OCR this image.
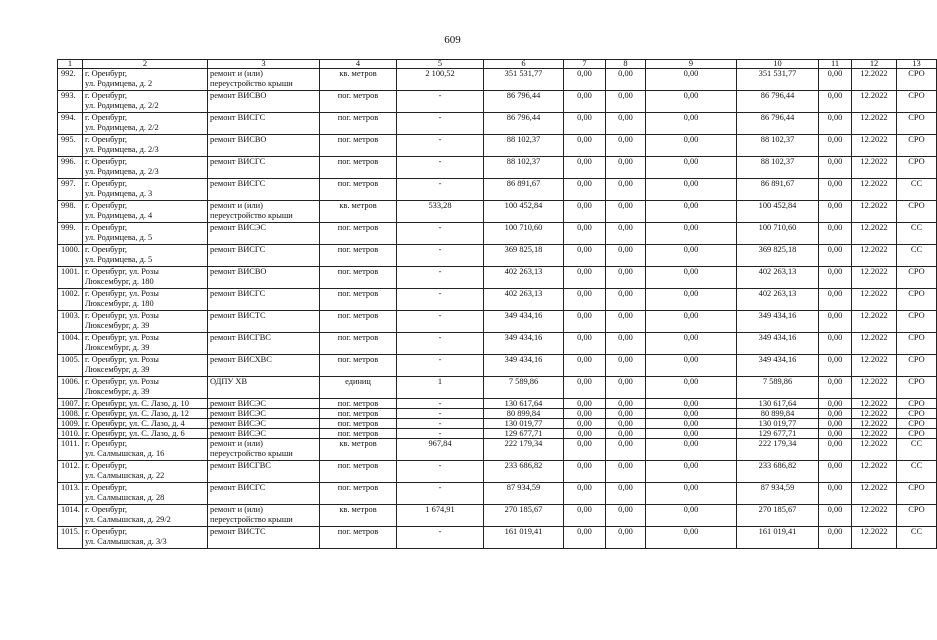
609
1	2	3	4	5	6	7	8	9	10	11	12	13
992.	г. Оренбург,
ул. Родимцева, д. 2	ремонт и (или)
переустройство крыши	кв. метров	2 100,52	351 531,77	0,00	0,00	0,00	351 531,77	0,00	12.2022	СРО
993.	г. Оренбург,
ул. Родимцева, д. 2/2	ремонт ВИСВО	пог. метров	-	86 796,44	0,00	0,00	0,00	86 796,44	0,00	12.2022	СРО
994.	г. Оренбург,
ул. Родимцева, д. 2/2	ремонт ВИСГС	пог. метров	-	86 796,44	0,00	0,00	0,00	86 796,44	0,00	12.2022	СРО
995.	г. Оренбург,
ул. Родимцева, д. 2/3	ремонт ВИСВО	пог. метров	-	88 102,37	0,00	0,00	0,00	88 102,37	0,00	12.2022	СРО
996.	г. Оренбург,
ул. Родимцева, д. 2/3	ремонт ВИСГС	пог. метров	-	88 102,37	0,00	0,00	0,00	88 102,37	0,00	12.2022	СРО
997.	г. Оренбург,
ул. Родимцева, д. 3	ремонт ВИСГС	пог. метров	-	86 891,67	0,00	0,00	0,00	86 891,67	0,00	12.2022	СС
998.	г. Оренбург,
ул. Родимцева, д. 4	ремонт и (или)
переустройство крыши	кв. метров	533,28	100 452,84	0,00	0,00	0,00	100 452,84	0,00	12.2022	СРО
999.	г. Оренбург,
ул. Родимцева, д. 5	ремонт ВИСЭС	пог. метров	-	100 710,60	0,00	0,00	0,00	100 710,60	0,00	12.2022	СС
1000.	г. Оренбург,
ул. Родимцева, д. 5	ремонт ВИСГС	пог. метров	-	369 825,18	0,00	0,00	0,00	369 825,18	0,00	12.2022	СС
1001.	г. Оренбург, ул. Розы
Люксембург, д. 180	ремонт ВИСВО	пог. метров	-	402 263,13	0,00	0,00	0,00	402 263,13	0,00	12.2022	СРО
1002.	г. Оренбург, ул. Розы
Люксембург, д. 180	ремонт ВИСГС	пог. метров	-	402 263,13	0,00	0,00	0,00	402 263,13	0,00	12.2022	СРО
1003.	г. Оренбург, ул. Розы
Люксембург, д. 39	ремонт ВИСТС	пог. метров	-	349 434,16	0,00	0,00	0,00	349 434,16	0,00	12.2022	СРО
1004.	г. Оренбург, ул. Розы
Люксембург, д. 39	ремонт ВИСГВС	пог. метров	-	349 434,16	0,00	0,00	0,00	349 434,16	0,00	12.2022	СРО
1005.	г. Оренбург, ул. Розы
Люксембург, д. 39	ремонт ВИСХВС	пог. метров	-	349 434,16	0,00	0,00	0,00	349 434,16	0,00	12.2022	СРО
1006.	г. Оренбург, ул. Розы
Люксембург, д. 39	ОДПУ ХВ	единиц	1	7 589,86	0,00	0,00	0,00	7 589,86	0,00	12.2022	СРО
1007.	г. Оренбург, ул. С. Лазо, д. 10	ремонт ВИСЭС	пог. метров	-	130 617,64	0,00	0,00	0,00	130 617,64	0,00	12.2022	СРО
1008.	г. Оренбург, ул. С. Лазо, д. 12	ремонт ВИСЭС	пог. метров	-	80 899,84	0,00	0,00	0,00	80 899,84	0,00	12.2022	СРО
1009.	г. Оренбург, ул. С. Лазо, д. 4	ремонт ВИСЭС	пог. метров	-	130 019,77	0,00	0,00	0,00	130 019,77	0,00	12.2022	СРО
1010.	г. Оренбург, ул. С. Лазо, д. 6	ремонт ВИСЭС	пог. метров	-	129 677,71	0,00	0,00	0,00	129 677,71	0,00	12.2022	СРО
1011.	г. Оренбург,
ул. Салмышская, д. 16	ремонт и (или)
переустройство крыши	кв. метров	967,84	222 179,34	0,00	0,00	0,00	222 179,34	0,00	12.2022	СС
1012.	г. Оренбург,
ул. Салмышская, д. 22	ремонт ВИСГВС	пог. метров	-	233 686,82	0,00	0,00	0,00	233 686,82	0,00	12.2022	СС
1013.	г. Оренбург,
ул. Салмышская, д. 28	ремонт ВИСГС	пог. метров	-	87 934,59	0,00	0,00	0,00	87 934,59	0,00	12.2022	СРО
1014.	г. Оренбург,
ул. Салмышская, д. 29/2	ремонт и (или)
переустройство крыши	кв. метров	1 674,91	270 185,67	0,00	0,00	0,00	270 185,67	0,00	12.2022	СРО
1015.	г. Оренбург,
ул. Салмышская, д. 3/3	ремонт ВИСТС	пог. метров	-	161 019,41	0,00	0,00	0,00	161 019,41	0,00	12.2022	СС
